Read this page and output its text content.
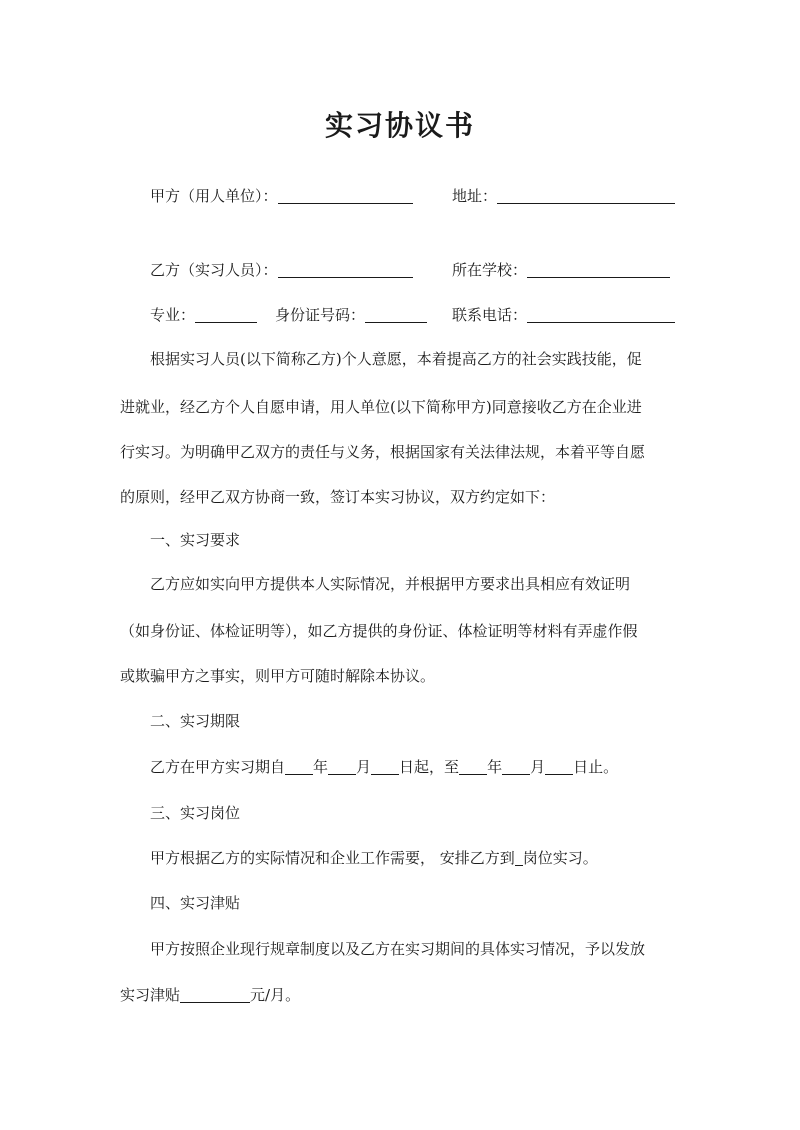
实习协议书
甲方（用人单位）：	地址：
乙方（实习人员）：	所在学校：
专业：	身份证号码：	联系电话：
根据实习人员(以下简称乙方)个人意愿，本着提高乙方的社会实践技能，促
进就业，经乙方个人自愿申请，用人单位(以下简称甲方)同意接收乙方在企业进
行实习。为明确甲乙双方的责任与义务，根据国家有关法律法规，本着平等自愿
的原则，经甲乙双方协商一致，签订本实习协议，双方约定如下：
一、实习要求
乙方应如实向甲方提供本人实际情况，并根据甲方要求出具相应有效证明
（如身份证、体检证明等），如乙方提供的身份证、体检证明等材料有弄虚作假
或欺骗甲方之事实，则甲方可随时解除本协议。
二、实习期限
乙方在甲方实习期自 年 月 日起，至 年 月 日止。
三、实习岗位
甲方根据乙方的实际情况和企业工作需要， 安排乙方到 岗位实习。
四、实习津贴
甲方按照企业现行规章制度以及乙方在实习期间的具体实习情况，予以发放
实习津贴	元/月。
